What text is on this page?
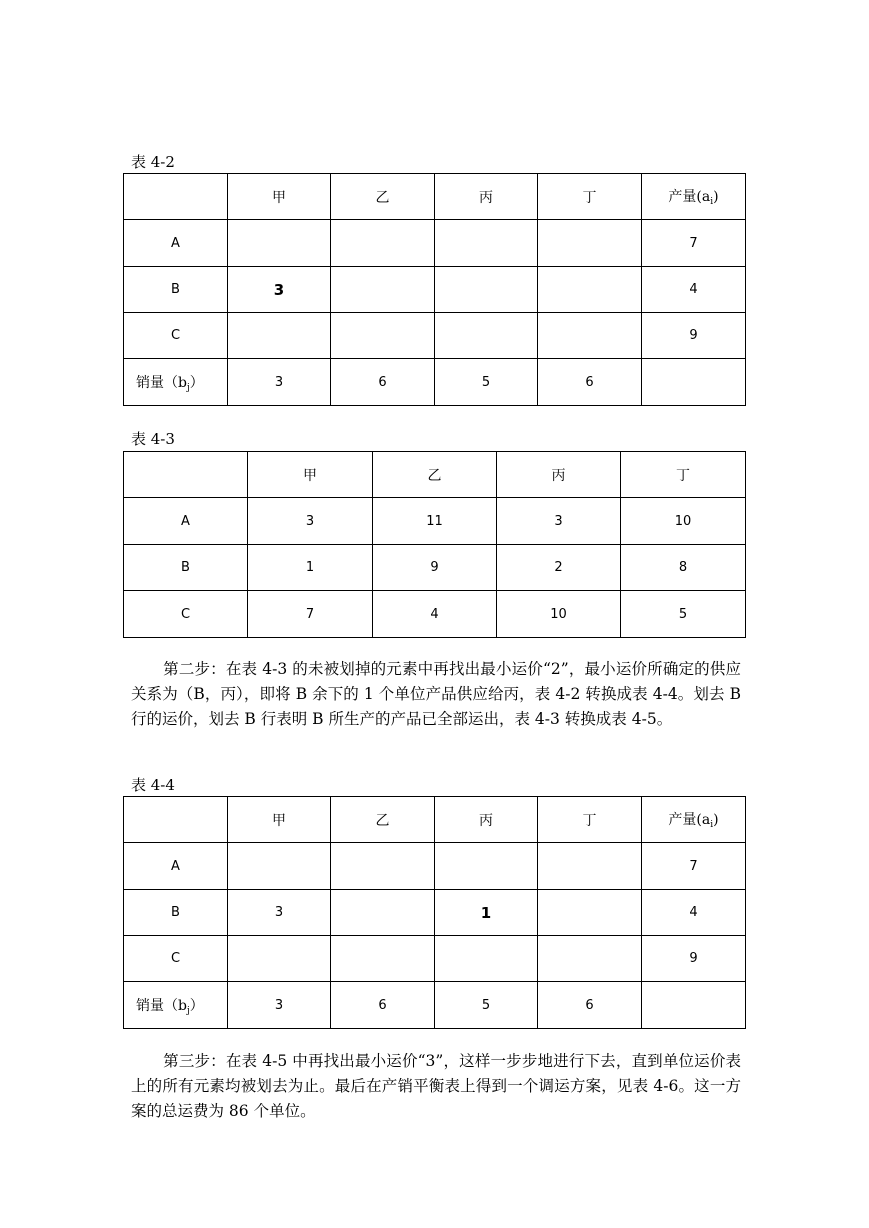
表 4-2
	甲	乙	丙	丁	产量$(a_i)$
A					7
B	3				4
C					9
销量$(b_j)$	3	6	5	6	
表 4-3
	甲	乙	丙	丁
A	3	11	3	10
B	1	9	2	8
C	7	4	10	5
第二步：在表 4-3 的未被划掉的元素中再找出最小运价“2”，最小运价所确定的供应关系为（B，丙），即将 B 余下的 1 个单位产品供应给丙，表 4-2 转换成表 4-4。划去 B 行的运价，划去 B 行表明 B 所生产的产品已全部运出，表 4-3 转换成表 4-5。
表 4-4
	甲	乙	丙	丁	产量$(a_i)$
A					7
B	3		1		4
C					9
销量$(b_j)$	3	6	5	6	
第三步：在表 4-5 中再找出最小运价“3”，这样一步步地进行下去，直到单位运价表上的所有元素均被划去为止。最后在产销平衡表上得到一个调运方案，见表 4-6。这一方案的总运费为 86 个单位。
